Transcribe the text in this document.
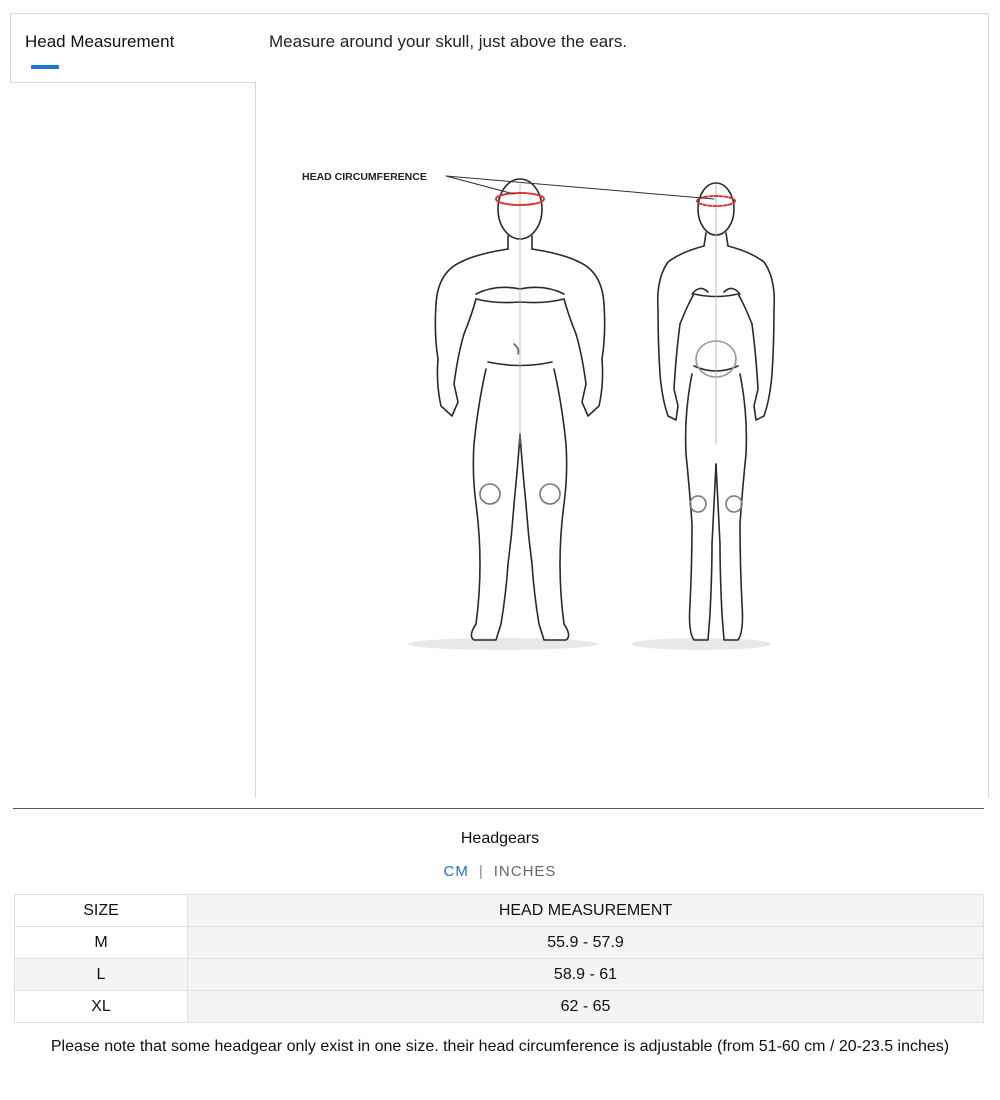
Head Measurement	Measure around your skull, just above the ears.
HEAD CIRCUMFERENCE
Headgears
CM | INCHES
SIZE	HEAD MEASUREMENT
M	55.9 - 57.9
L	58.9 - 61
XL	62 - 65
Please note that some headgear only exist in one size. their head circumference is adjustable (from 51-60 cm / 20-23.5 inches)
